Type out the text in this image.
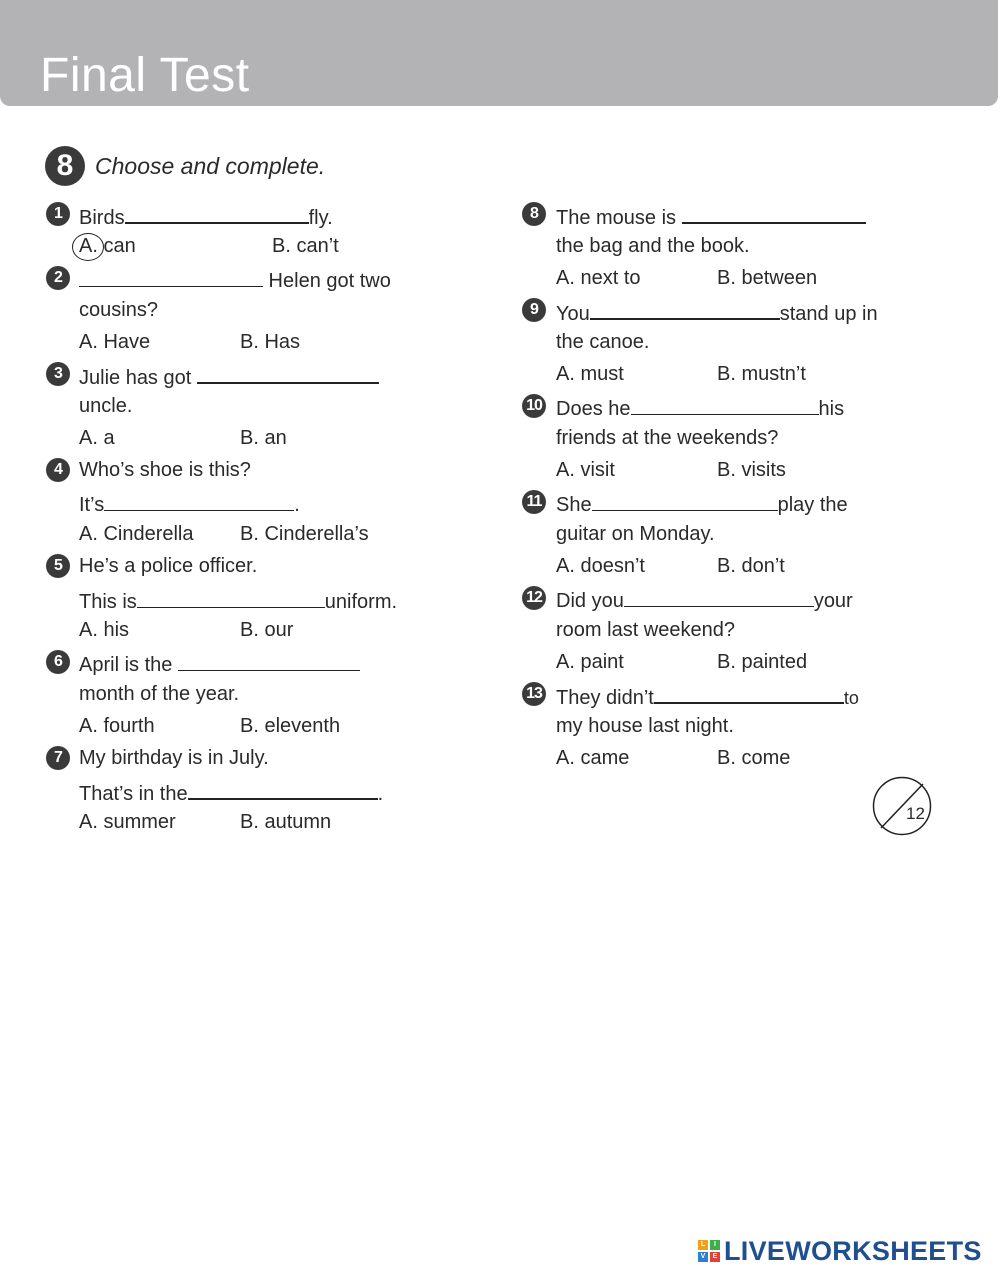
Final Test
8 Choose and complete.
1 Birds	fly.
A. can	B. can’t
2	Helen got two
cousins?
A. Have	B. Has
3 Julie has got
uncle.
A. a	B. an
4 Who’s shoe is this?
It’s	.
A. Cinderella B. Cinderella’s
5 He’s a police officer.
This is	uniform.
A. his	B. our
6 April is the
month of the year.
A. fourth	B. eleventh
7 My birthday is in July.
That’s in the	.
A. summer	B. autumn
8 The mouse is
the bag and the book.
A. next to	B. between
9 You	stand up in
the canoe.
A. must	B. mustn’t
10 Does he	his
friends at the weekends?
A. visit	B. visits
11 She	play the
guitar on Monday.
A. doesn’t	B. don’t
12 Did you	your
room last weekend?
A. paint	B. painted
13 They didn’t	to
my house last night.
A. came	B. come
12
L	I
V	E LIVEWORKSHEETS
